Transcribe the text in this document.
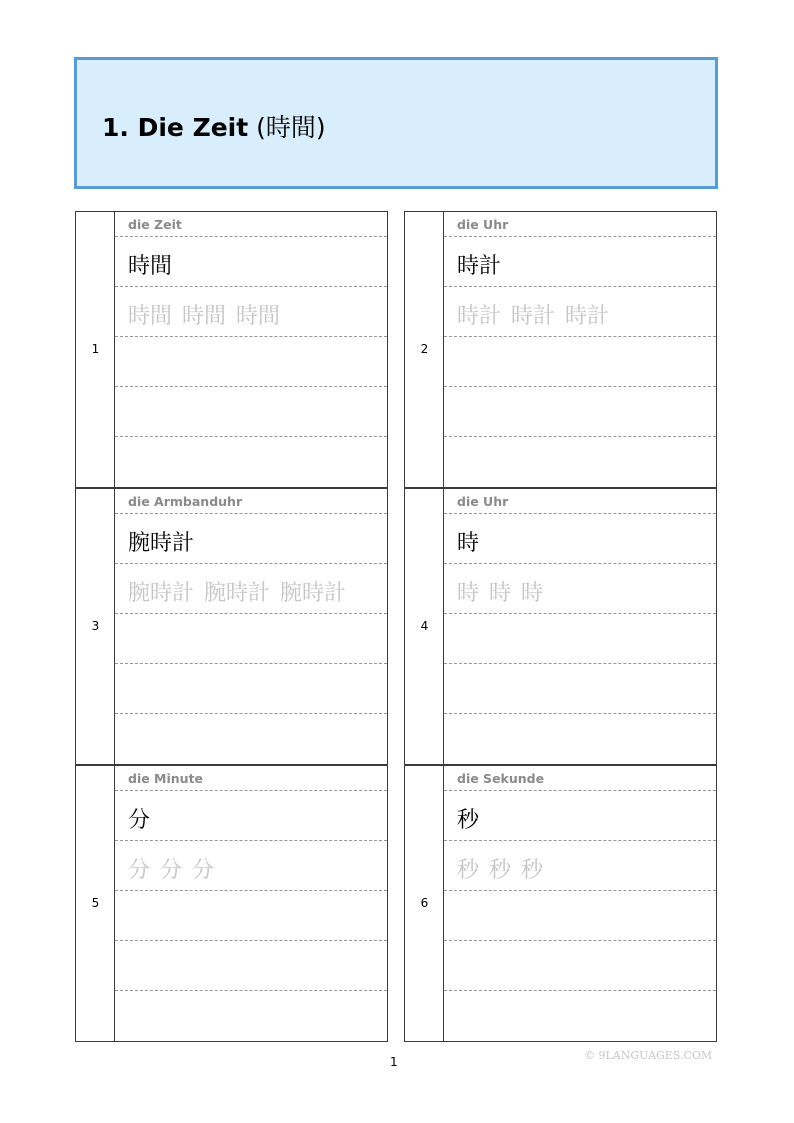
1. Die Zeit (時間)
1
die Zeit
時間
時間 時間 時間
2
die Uhr
時計
時計 時計 時計
3
die Armbanduhr
腕時計
腕時計 腕時計 腕時計
4
die Uhr
時
時 時 時
5
die Minute
分
分 分 分
6
die Sekunde
秒
秒 秒 秒
1	© 9LANGUAGES.COM
